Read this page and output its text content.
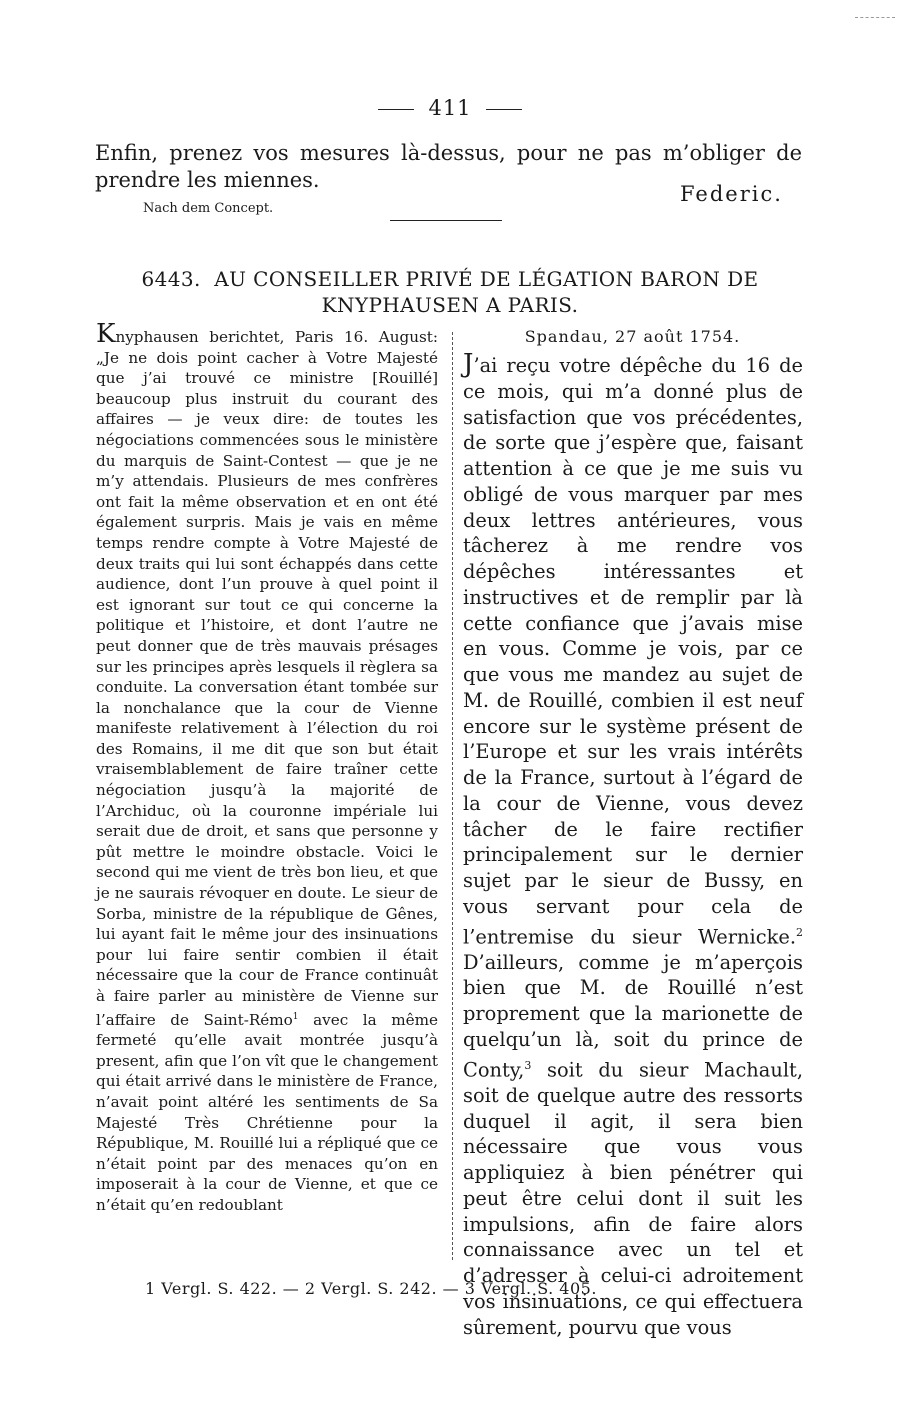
411
Enfin, prenez vos mesures là-dessus, pour ne pas m’obliger de prendre les miennes.
Federic.
Nach dem Concept.
6443. AU CONSEILLER PRIVÉ DE LÉGATION BARON DE KNYPHAUSEN A PARIS.
Knyphausen berichtet, Paris 16. August: „Je ne dois point cacher à Votre Majesté que j’ai trouvé ce ministre [Rouillé] beaucoup plus instruit du courant des affaires — je veux dire: de toutes les négociations commencées sous le ministère du marquis de Saint-Contest — que je ne m’y attendais. Plusieurs de mes confrères ont fait la même observation et en ont été également surpris. Mais je vais en même temps rendre compte à Votre Majesté de deux traits qui lui sont échappés dans cette audience, dont l’un prouve à quel point il est ignorant sur tout ce qui concerne la politique et l’histoire, et dont l’autre ne peut donner que de très mauvais présages sur les principes après lesquels il règlera sa conduite. La conversation étant tombée sur la nonchalance que la cour de Vienne manifeste relativement à l’élection du roi des Romains, il me dit que son but était vraisemblablement de faire traîner cette négociation jusqu’à la majorité de l’Archiduc, où la couronne impériale lui serait due de droit, et sans que personne y pût mettre le moindre obstacle. Voici le second qui me vient de très bon lieu, et que je ne saurais révoquer en doute. Le sieur de Sorba, ministre de la république de Gênes, lui ayant fait le même jour des insinuations pour lui faire sentir combien il était nécessaire que la cour de France continuât à faire parler au ministère de Vienne sur l’affaire de Saint-Rémo$^1$ avec la même fermeté qu’elle avait montrée jusqu’à present, afin que l’on vît que le changement qui était arrivé dans le ministère de France, n’avait point altéré les sentiments de Sa Majesté Très Chrétienne pour la République, M. Rouillé lui a répliqué que ce n’était point par des menaces qu’on en imposerait à la cour de Vienne, et que ce n’était qu’en redoublant
Spandau, 27 août 1754.
J’ai reçu votre dépêche du 16 de ce mois, qui m’a donné plus de satisfaction que vos précédentes, de sorte que j’espère que, faisant attention à ce que je me suis vu obligé de vous marquer par mes deux lettres antérieures, vous tâcherez à me rendre vos dépêches intéressantes et instructives et de remplir par là cette confiance que j’avais mise en vous. Comme je vois, par ce que vous me mandez au sujet de M. de Rouillé, combien il est neuf encore sur le système présent de l’Europe et sur les vrais intérêts de la France, surtout à l’égard de la cour de Vienne, vous devez tâcher de le faire rectifier principalement sur le dernier sujet par le sieur de Bussy, en vous servant pour cela de l’entremise du sieur Wernicke.$^2$ D’ailleurs, comme je m’aperçois bien que M. de Rouillé n’est proprement que la marionette de quelqu’un là, soit du prince de Conty,$^3$ soit du sieur Machault, soit de quelque autre des ressorts duquel il agit, il sera bien nécessaire que vous vous appliquiez à bien pénétrer qui peut être celui dont il suit les impulsions, afin de faire alors connaissance avec un tel et d’adresser à celui-ci adroitement vos insinuations, ce qui effectuera sûrement, pourvu que vous
1 Vergl. S. 422. — 2 Vergl. S. 242. — 3 Vergl. S. 405.
